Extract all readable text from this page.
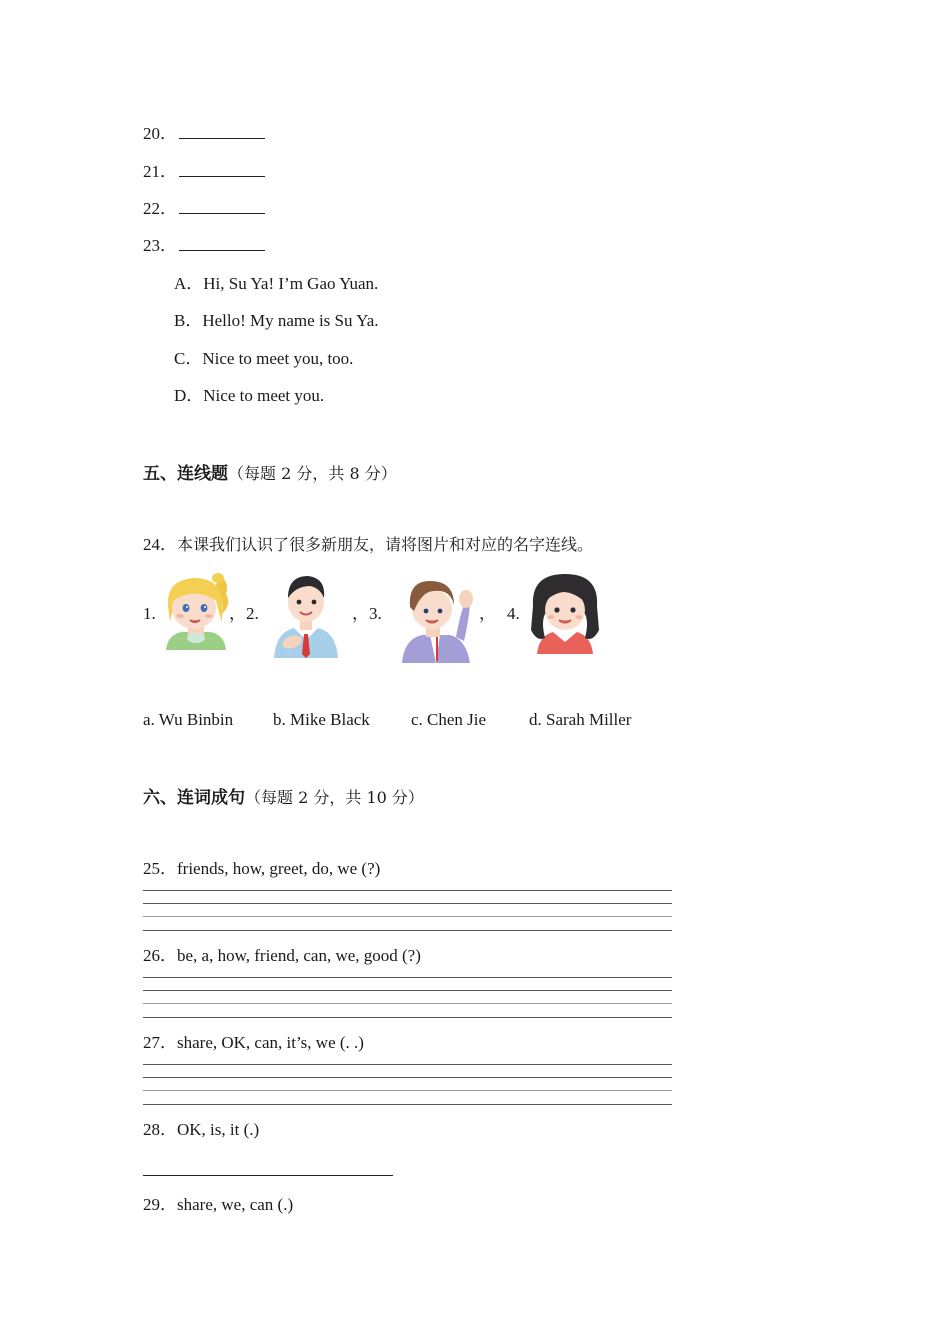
20．
21．
22．
23．
A．Hi, Su Ya! I’m Gao Yuan.
B．Hello! My name is Su Ya.
C．Nice to meet you, too.
D．Nice to meet you.
五、连线题（每题 2 分，共 8 分）
24．本课我们认识了很多新朋友，请将图片和对应的名字连线。
1.	，2.	，3.	， 4.
a. Wu Binbin b. Mike Black c. Chen Jie	d. Sarah Miller
六、连词成句（每题 2 分，共 10 分）
25．friends, how, greet, do, we (?)
26．be, a, how, friend, can, we, good (?)
27．share, OK, can, it’s, we (. .)
28．OK, is, it (.)
29．share, we, can (.)
